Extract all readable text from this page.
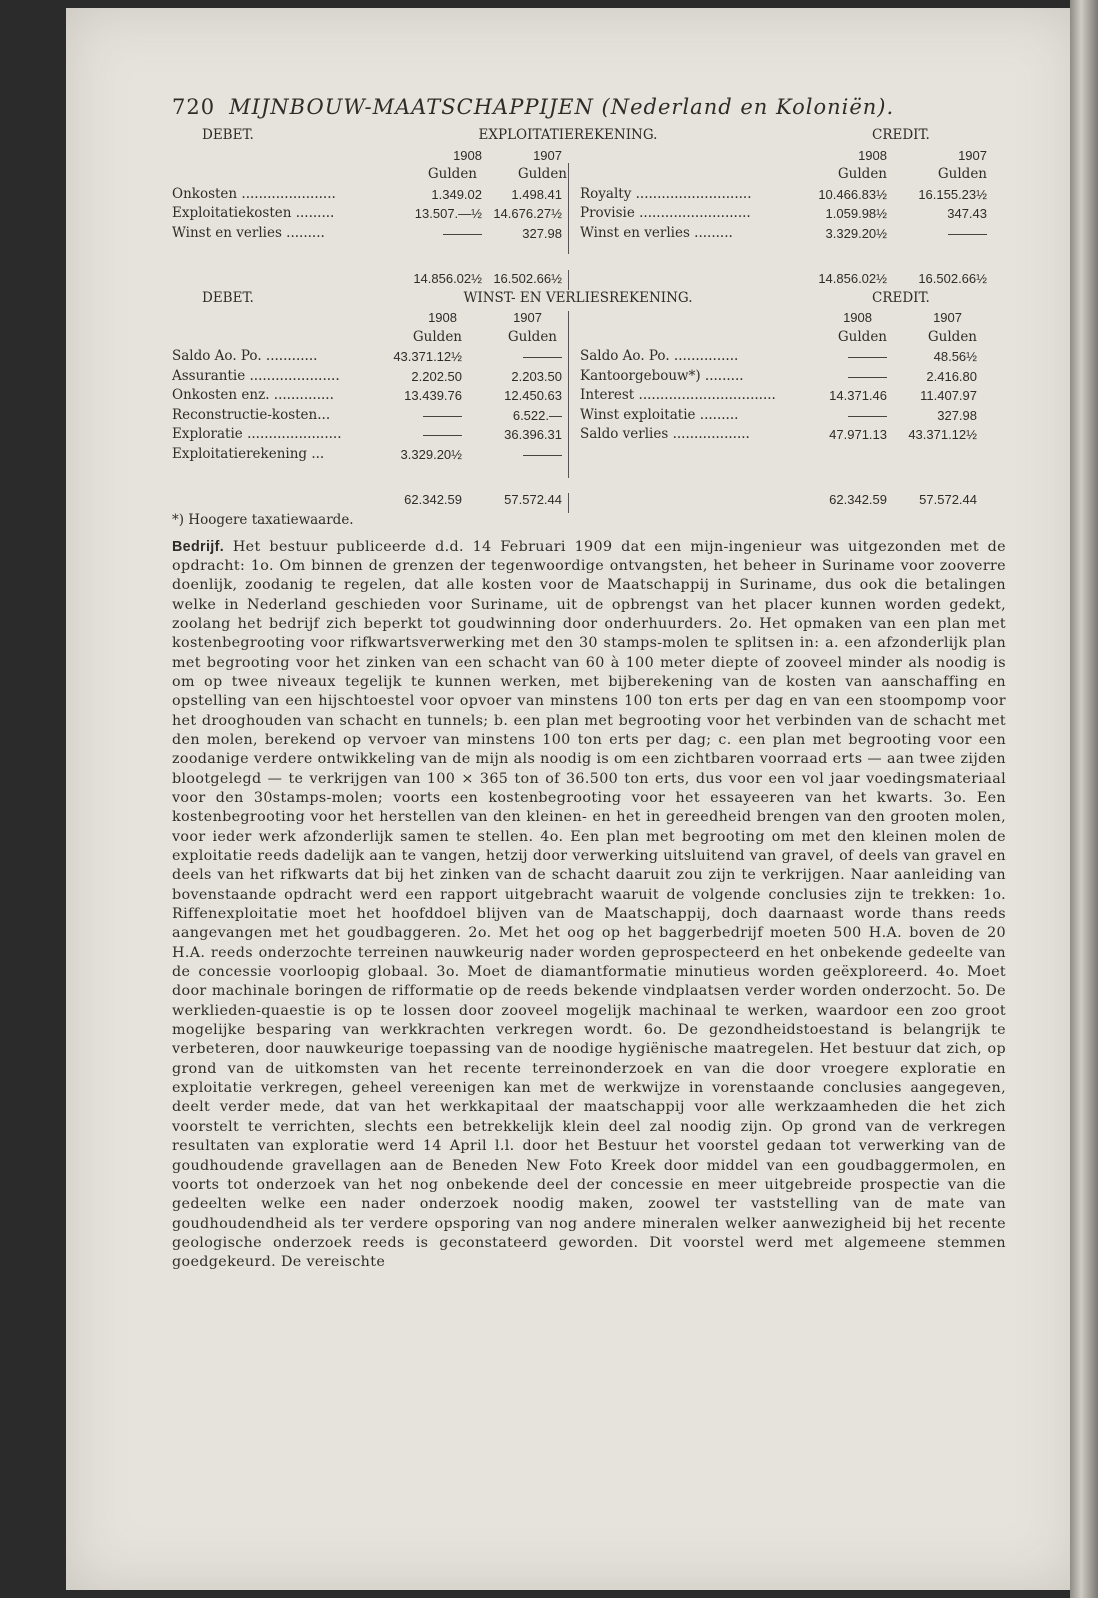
720 MIJNBOUW-MAATSCHAPPIJEN (Nederland en Koloniën).
DEBET.	EXPLOITATIEREKENING.	CREDIT.
1908	1907	1908	1907
Gulden	Gulden	Gulden	Gulden
Onkosten ......................	1.349.02	1.498.41 Royalty ...........................	10.466.83½	16.155.23½
Exploitatiekosten .........	13.507.—½ 14.676.27½ Provisie ..........................	1.059.98½	347.43
Winst en verlies .........	———	327.98 Winst en verlies .........	3.329.20½	———
14.856.02½ 16.502.66½	14.856.02½	16.502.66½
DEBET.	WINST- EN VERLIESREKENING.	CREDIT.
1908	1907	1908	1907
Gulden	Gulden	Gulden	Gulden
Saldo Ao. Po. ............	43.371.12½	——— Saldo Ao. Po. ...............	———	48.56½
Assurantie .....................	2.202.50	2.203.50 Kantoorgebouw*) .........	———	2.416.80
Onkosten enz. ..............	13.439.76	12.450.63 Interest ................................	14.371.46	11.407.97
Reconstructie-kosten...	———	6.522.— Winst exploitatie .........	———	327.98
Exploratie ......................	———	36.396.31 Saldo verlies ..................	47.971.13	43.371.12½
Exploitatierekening ...	3.329.20½	———
62.342.59	57.572.44	62.342.59	57.572.44
*) Hoogere taxatiewaarde.
Bedrijf. Het bestuur publiceerde d.d. 14 Februari 1909 dat een mijn-ingenieur was uitgezonden met de opdracht: 1o. Om binnen de grenzen der tegenwoordige ontvangsten, het beheer in Suriname voor zooverre doenlijk, zoodanig te regelen, dat alle kosten voor de Maatschappij in Suriname, dus ook die betalingen welke in Nederland geschieden voor Suriname, uit de opbrengst van het placer kunnen worden gedekt, zoolang het bedrijf zich beperkt tot goudwinning door onderhuurders. 2o. Het opmaken van een plan met kostenbegrooting voor rifkwartsverwerking met den 30 stamps-molen te splitsen in: a. een afzonderlijk plan met begrooting voor het zinken van een schacht van 60 à 100 meter diepte of zooveel minder als noodig is om op twee niveaux tegelijk te kunnen werken, met bijberekening van de kosten van aanschaffing en opstelling van een hijschtoestel voor opvoer van minstens 100 ton erts per dag en van een stoompomp voor het drooghouden van schacht en tunnels; b. een plan met begrooting voor het verbinden van de schacht met den molen, berekend op vervoer van minstens 100 ton erts per dag; c. een plan met begrooting voor een zoodanige verdere ontwikkeling van de mijn als noodig is om een zichtbaren voorraad erts — aan twee zijden blootgelegd — te verkrijgen van 100 × 365 ton of 36.500 ton erts, dus voor een vol jaar voedingsmateriaal voor den 30stamps-molen; voorts een kostenbegrooting voor het essayeeren van het kwarts. 3o. Een kostenbegrooting voor het herstellen van den kleinen- en het in gereedheid brengen van den grooten molen, voor ieder werk afzonderlijk samen te stellen. 4o. Een plan met begrooting om met den kleinen molen de exploitatie reeds dadelijk aan te vangen, hetzij door verwerking uitsluitend van gravel, of deels van gravel en deels van het rifkwarts dat bij het zinken van de schacht daaruit zou zijn te verkrijgen. Naar aanleiding van bovenstaande opdracht werd een rapport uitgebracht waaruit de volgende conclusies zijn te trekken: 1o. Riffenexploitatie moet het hoofddoel blijven van de Maatschappij, doch daarnaast worde thans reeds aangevangen met het goudbaggeren. 2o. Met het oog op het baggerbedrijf moeten 500 H.A. boven de 20 H.A. reeds onderzochte terreinen nauwkeurig nader worden geprospecteerd en het onbekende gedeelte van de concessie voorloopig globaal. 3o. Moet de diamantformatie minutieus worden geëxploreerd. 4o. Moet door machinale boringen de rifformatie op de reeds bekende vindplaatsen verder worden onderzocht. 5o. De werklieden-quaestie is op te lossen door zooveel mogelijk machinaal te werken, waardoor een zoo groot mogelijke besparing van werkkrachten verkregen wordt. 6o. De gezondheidstoestand is belangrijk te verbeteren, door nauwkeurige toepassing van de noodige hygiënische maatregelen. Het bestuur dat zich, op grond van de uitkomsten van het recente terreinonderzoek en van die door vroegere exploratie en exploitatie verkregen, geheel vereenigen kan met de werkwijze in vorenstaande conclusies aangegeven, deelt verder mede, dat van het werkkapitaal der maatschappij voor alle werkzaamheden die het zich voorstelt te verrichten, slechts een betrekkelijk klein deel zal noodig zijn. Op grond van de verkregen resultaten van exploratie werd 14 April l.l. door het Bestuur het voorstel gedaan tot verwerking van de goudhoudende gravellagen aan de Beneden New Foto Kreek door middel van een goudbaggermolen, en voorts tot onderzoek van het nog onbekende deel der concessie en meer uitgebreide prospectie van die gedeelten welke een nader onderzoek noodig maken, zoowel ter vaststelling van de mate van goudhoudendheid als ter verdere opsporing van nog andere mineralen welker aanwezigheid bij het recente geologische onderzoek reeds is geconstateerd geworden. Dit voorstel werd met algemeene stemmen goedgekeurd. De vereischte
